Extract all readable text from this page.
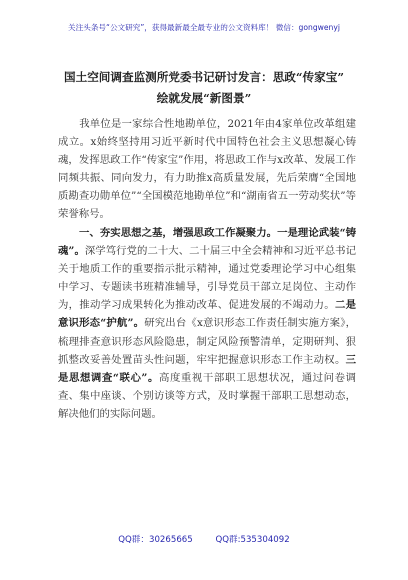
关注头条号“公文研究”，获得最新最全最专业的公文资料库！ 微信：gongwenyj
国土空间调查监测所党委书记研讨发言：思政“传家宝”
绘就发展“新图景”
我单位是一家综合性地勘单位，2021年由4家单位改革组建成立。x始终坚持用习近平新时代中国特色社会主义思想凝心铸魂，发挥思政工作“传家宝”作用，将思政工作与x改革、发展工作同频共振、同向发力，有力助推x高质量发展，先后荣膺“全国地质勘查功勋单位”“全国模范地勘单位”和“湖南省五一劳动奖状”等荣誉称号。
一、夯实思想之基，增强思政工作凝聚力。一是理论武装“铸魂”。深学笃行党的二十大、二十届三中全会精神和习近平总书记关于地质工作的重要指示批示精神，通过党委理论学习中心组集中学习、专题读书班精准辅导，引导党员干部立足岗位、主动作为，推动学习成果转化为推动改革、促进发展的不竭动力。二是意识形态“护航”。研究出台《x意识形态工作责任制实施方案》，梳理排查意识形态风险隐患，制定风险预警清单，定期研判、狠抓整改妥善处置苗头性问题，牢牢把握意识形态工作主动权。三是思想调查“联心”。高度重视干部职工思想状况，通过问卷调查、集中座谈、个别访谈等方式，及时掌握干部职工思想动态，解决他们的实际问题。
QQ群：30265665	QQ群:535304092
